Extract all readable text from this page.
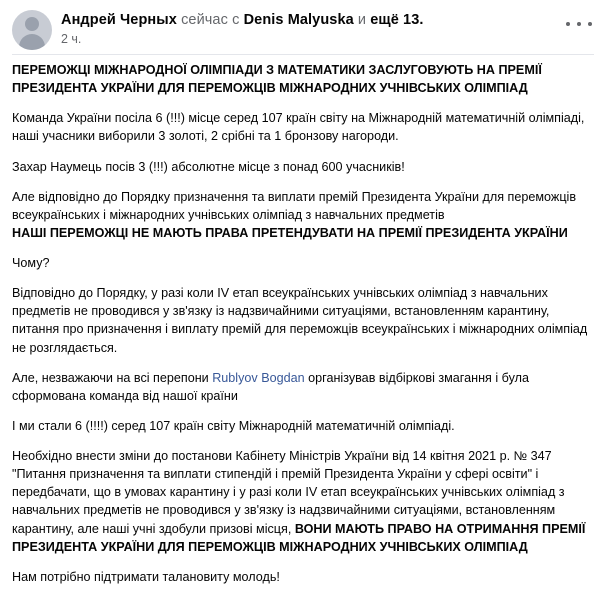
Андрей Черных сейчас с Denis Malyuska и ещё 13.
2 ч.

ПЕРЕМОЖЦІ МІЖНАРОДНОЇ ОЛІМПІАДИ З МАТЕМАТИКИ ЗАСЛУГОВУЮТЬ НА ПРЕМІЇ ПРЕЗИДЕНТА УКРАЇНИ ДЛЯ ПЕРЕМОЖЦІВ МІЖНАРОДНИХ УЧНІВСЬКИХ ОЛІМПІАД

Команда України посіла 6 (!!!) місце серед 107 країн світу на Міжнародній математичній олімпіаді, наші учасники виборили 3 золоті, 2 срібні та 1 бронзову нагороди.

Захар Наумець посів 3 (!!!) абсолютне місце з понад 600 учасників!

Але відповідно до Порядку призначення та виплати премій Президента України для переможців всеукраїнських і міжнародних учнівських олімпіад з навчальних предметів
НАШІ ПЕРЕМОЖЦІ НЕ МАЮТЬ ПРАВА ПРЕТЕНДУВАТИ НА ПРЕМІЇ ПРЕЗИДЕНТА УКРАЇНИ

Чому?

Відповідно до Порядку, у разі коли IV етап всеукраїнських учнівських олімпіад з навчальних предметів не проводився у зв'язку із надзвичайними ситуаціями, встановленням карантину, питання про призначення і виплату премій для переможців всеукраїнських і міжнародних олімпіад не розглядається.

Але, незважаючи на всі перепони Rublyov Bogdan організував відбіркові змагання і була сформована команда від нашої країни

І ми стали 6 (!!!!) серед 107 країн світу Міжнародній математичній олімпіаді.

Необхідно внести зміни до постанови Кабінету Міністрів України від 14 квітня 2021 р. № 347 "Питання призначення та виплати стипендій і премій Президента України у сфері освіти" і передбачати, що в умовах карантину і у разі коли IV етап всеукраїнських учнівських олімпіад з навчальних предметів не проводився у зв'язку із надзвичайними ситуаціями, встановленням карантину, але наші учні здобули призові місця, ВОНИ МАЮТЬ ПРАВО НА ОТРИМАННЯ ПРЕМІЇ ПРЕЗИДЕНТА УКРАЇНИ ДЛЯ ПЕРЕМОЖЦІВ МІЖНАРОДНИХ УЧНІВСЬКИХ ОЛІМПІАД

Нам потрібно підтримати талановиту молодь!
